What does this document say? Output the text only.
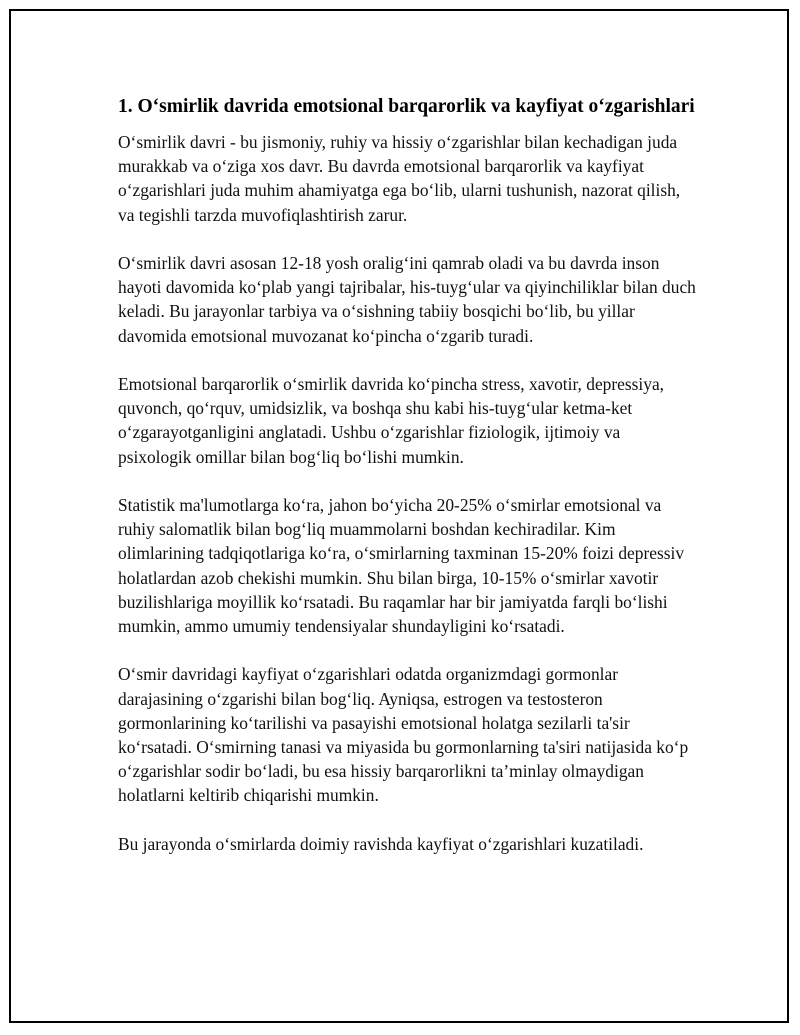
1. O‘smirlik davrida emotsional barqarorlik va kayfiyat o‘zgarishlari

O‘smirlik davri - bu jismoniy, ruhiy va hissiy o‘zgarishlar bilan kechadigan juda murakkab va o‘ziga xos davr. Bu davrda emotsional barqarorlik va kayfiyat o‘zgarishlari juda muhim ahamiyatga ega bo‘lib, ularni tushunish, nazorat qilish, va tegishli tarzda muvofiqlashtirish zarur.

O‘smirlik davri asosan 12-18 yosh oralig‘ini qamrab oladi va bu davrda inson hayoti davomida ko‘plab yangi tajribalar, his-tuyg‘ular va qiyinchiliklar bilan duch keladi. Bu jarayonlar tarbiya va o‘sishning tabiiy bosqichi bo‘lib, bu yillar davomida emotsional muvozanat ko‘pincha o‘zgarib turadi.

Emotsional barqarorlik o‘smirlik davrida ko‘pincha stress, xavotir, depressiya, quvonch, qo‘rquv, umidsizlik, va boshqa shu kabi his-tuyg‘ular ketma-ket o‘zgarayotganligini anglatadi. Ushbu o‘zgarishlar fiziologik, ijtimoiy va psixologik omillar bilan bog‘liq bo‘lishi mumkin.

Statistik ma'lumotlarga ko‘ra, jahon bo‘yicha 20-25% o‘smirlar emotsional va ruhiy salomatlik bilan bog‘liq muammolarni boshdan kechiradilar. Kim olimlarining tadqiqotlariga ko‘ra, o‘smirlarning taxminan 15-20% foizi depressiv holatlardan azob chekishi mumkin. Shu bilan birga, 10-15% o‘smirlar xavotir buzilishlariga moyillik ko‘rsatadi. Bu raqamlar har bir jamiyatda farqli bo‘lishi mumkin, ammo umumiy tendensiyalar shundayligini ko‘rsatadi.

O‘smir davridagi kayfiyat o‘zgarishlari odatda organizmdagi gormonlar darajasining o‘zgarishi bilan bog‘liq. Ayniqsa, estrogen va testosteron gormonlarining ko‘tarilishi va pasayishi emotsional holatga sezilarli ta'sir ko‘rsatadi. O‘smirning tanasi va miyasida bu gormonlarning ta'siri natijasida ko‘p o‘zgarishlar sodir bo‘ladi, bu esa hissiy barqarorlikni ta’minlay olmaydigan holatlarni keltirib chiqarishi mumkin.

Bu jarayonda o‘smirlarda doimiy ravishda kayfiyat o‘zgarishlari kuzatiladi.
